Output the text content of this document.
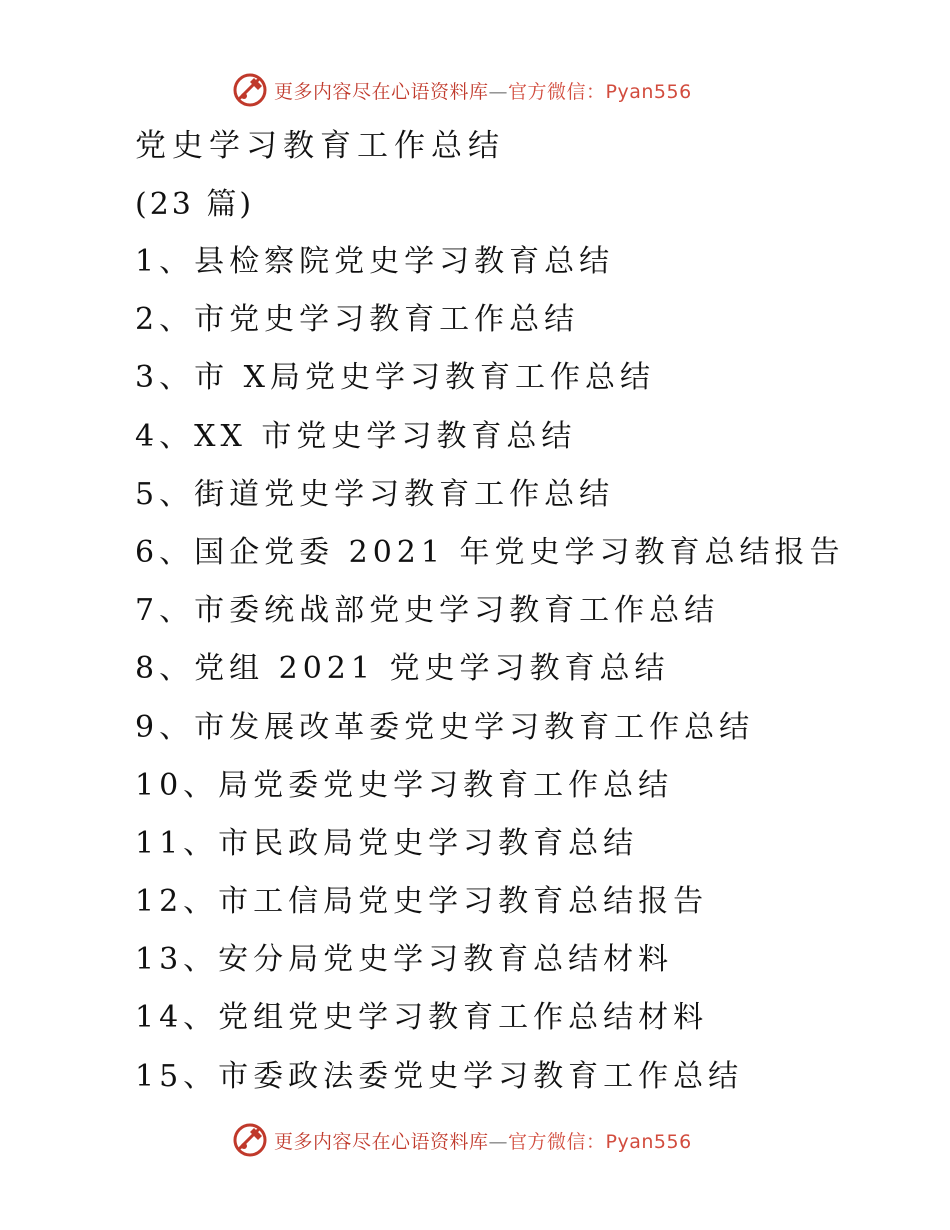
更多内容尽在心语资料库—官方微信：Pyan556
党史学习教育工作总结
(23 篇)
1、县检察院党史学习教育总结
2、市党史学习教育工作总结
3、市 X局党史学习教育工作总结
4、XX 市党史学习教育总结
5、街道党史学习教育工作总结
6、国企党委 2021 年党史学习教育总结报告
7、市委统战部党史学习教育工作总结
8、党组 2021 党史学习教育总结
9、市发展改革委党史学习教育工作总结
10、局党委党史学习教育工作总结
11、市民政局党史学习教育总结
12、市工信局党史学习教育总结报告
13、安分局党史学习教育总结材料
14、党组党史学习教育工作总结材料
15、市委政法委党史学习教育工作总结
更多内容尽在心语资料库—官方微信：Pyan556
